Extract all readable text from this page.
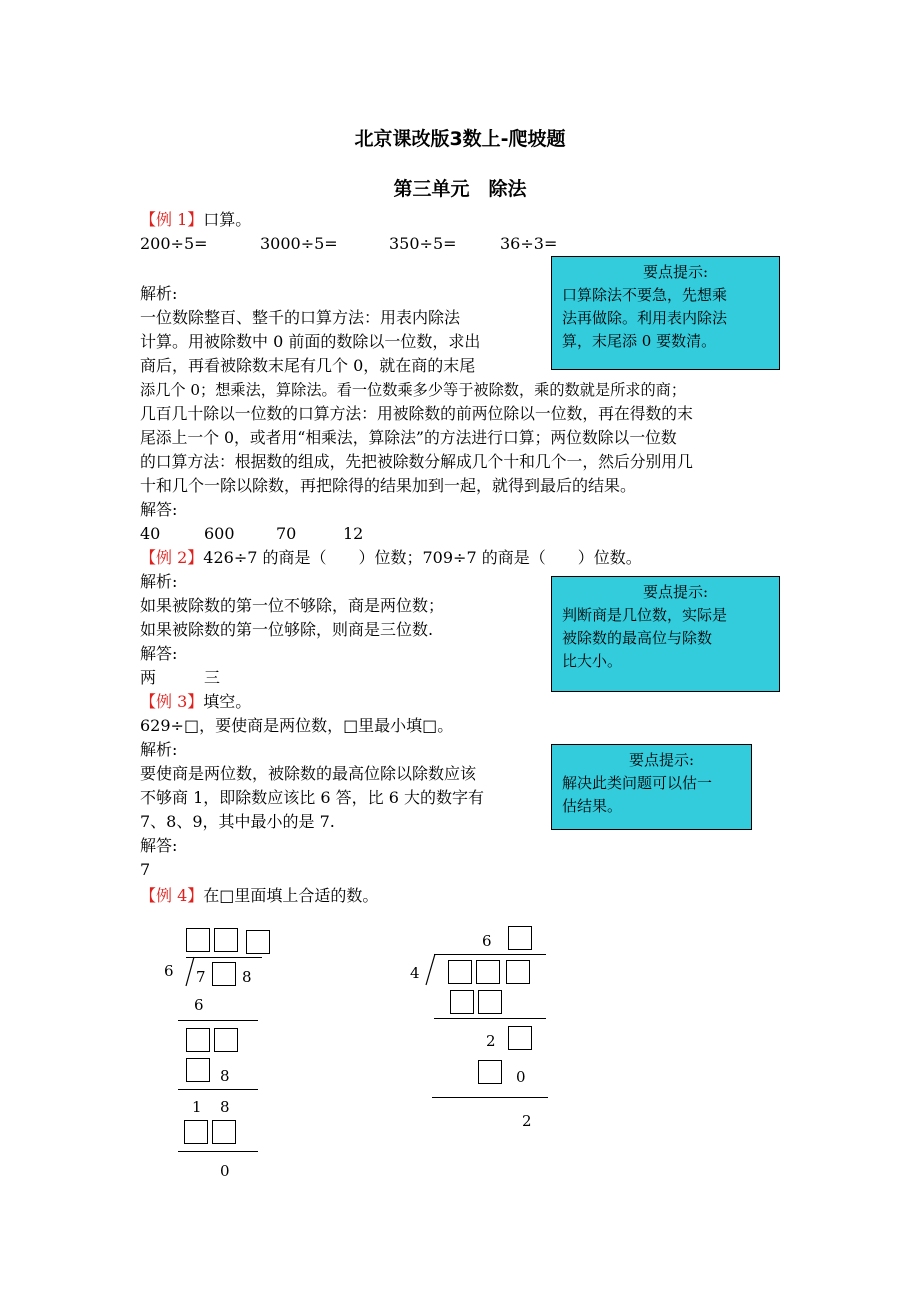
北京课改版3数上-爬坡题
第三单元　除法
【例 1】口算。
200÷5=	3000÷5=	350÷5=	36÷3=
要点提示:
口算除法不要急，先想乘
法再做除。利用表内除法
算，末尾添 0 要数清。
解析:
一位数除整百、整千的口算方法：用表内除法
计算。用被除数中 0 前面的数除以一位数，求出
商后，再看被除数末尾有几个 0，就在商的末尾
添几个 0；想乘法，算除法。看一位数乘多少等于被除数，乘的数就是所求的商；
几百几十除以一位数的口算方法：用被除数的前两位除以一位数，再在得数的末
尾添上一个 0，或者用“相乘法，算除法”的方法进行口算；两位数除以一位数
的口算方法：根据数的组成，先把被除数分解成几个十和几个一，然后分别用几
十和几个一除以除数，再把除得的结果加到一起，就得到最后的结果。
解答:
40	600	70	12
【例 2】426÷7 的商是（　　）位数；709÷7 的商是（　　）位数。
解析:
如果被除数的第一位不够除，商是两位数；
如果被除数的第一位够除，则商是三位数.
解答:
两	三
要点提示:
判断商是几位数，实际是
被除数的最高位与除数
比大小。
【例 3】填空。
629÷□，要使商是两位数，□里最小填□。
解析:
要使商是两位数，被除数的最高位除以除数应该
不够商 1，即除数应该比 6 答，比 6 大的数字有
7、8、9，其中最小的是 7.
解答:
7
要点提示:
解决此类问题可以估一
估结果。
【例 4】在□里面填上合适的数。
6 7 8
6
8
1 8
0
6
4
2
0
2
